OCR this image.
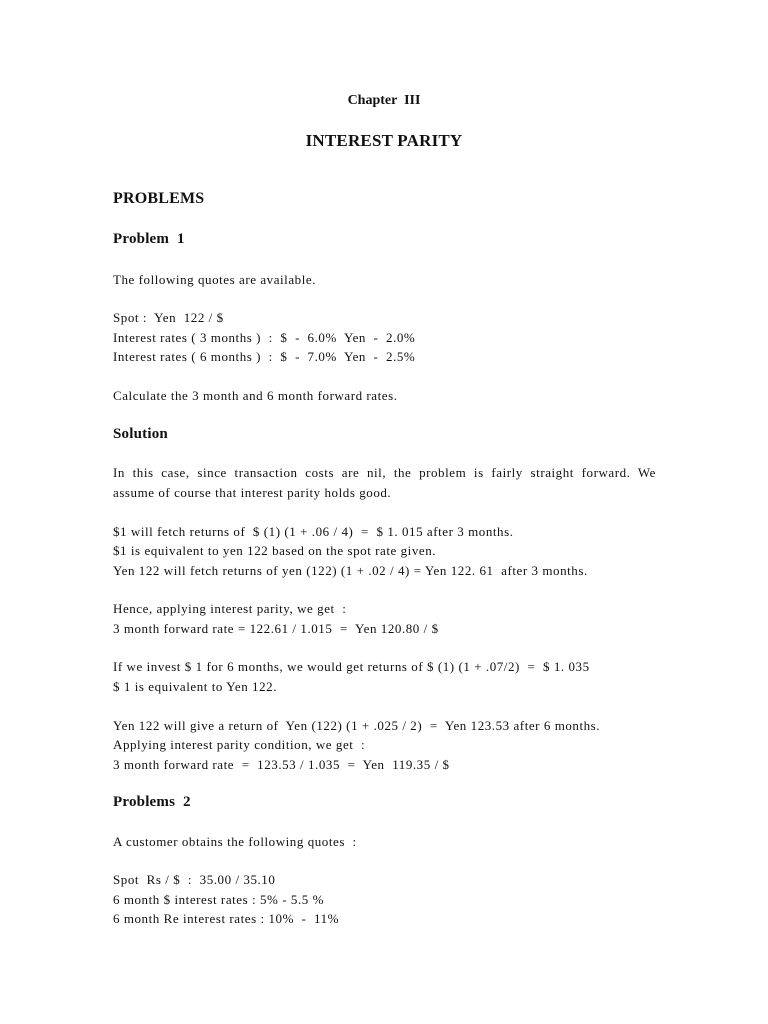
Chapter  III
INTEREST PARITY
PROBLEMS
Problem  1
The following quotes are available.
Spot :  Yen  122 / $
Interest rates ( 3 months )  :  $  -  6.0%  Yen  -  2.0%
Interest rates ( 6 months )  :  $  -  7.0%  Yen  -  2.5%
Calculate the 3 month and 6 month forward rates.
Solution
In this case, since transaction costs are nil, the problem is fairly straight forward. We
assume of course that interest parity holds good.
$1 will fetch returns of  $ (1) (1 + .06 / 4)  =  $ 1. 015 after 3 months.
$1 is equivalent to yen 122 based on the spot rate given.
Yen 122 will fetch returns of yen (122) (1 + .02 / 4) = Yen 122. 61  after 3 months.
Hence, applying interest parity, we get  :
3 month forward rate = 122.61 / 1.015  =  Yen 120.80 / $
If we invest $ 1 for 6 months, we would get returns of $ (1) (1 + .07/2)  =  $ 1. 035
$ 1 is equivalent to Yen 122.
Yen 122 will give a return of  Yen (122) (1 + .025 / 2)  =  Yen 123.53 after 6 months.
Applying interest parity condition, we get  :
3 month forward rate  =  123.53 / 1.035  =  Yen  119.35 / $
Problems  2
A customer obtains the following quotes  :
Spot  Rs / $  :  35.00 / 35.10
6 month $ interest rates : 5% - 5.5 %
6 month Re interest rates : 10%  -  11%
